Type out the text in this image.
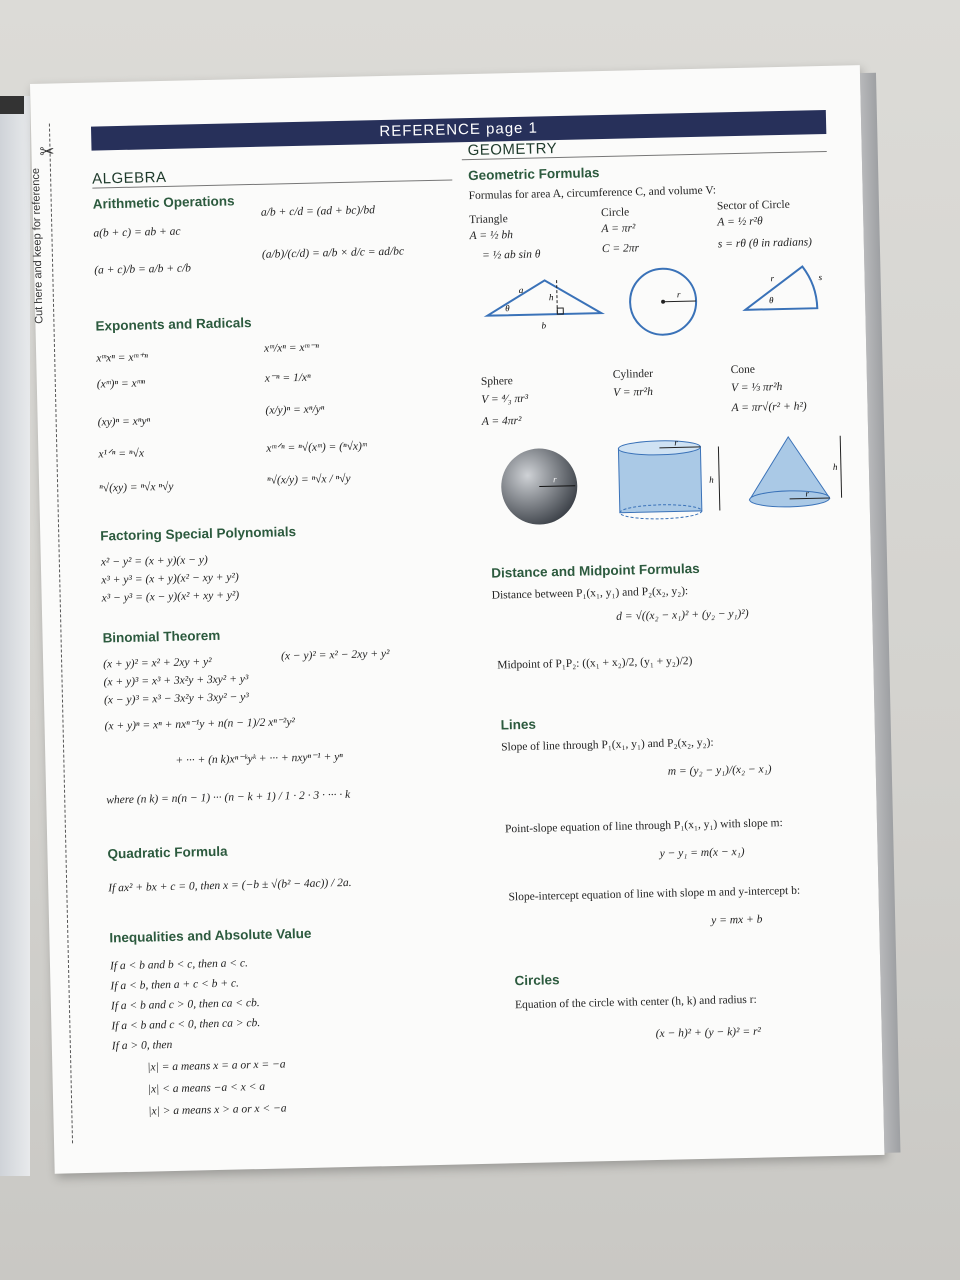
✂
Cut here and keep for reference
REFERENCE page 1
ALGEBRA
Arithmetic Operations
a(b + c) = ab + ac
(a + c)/b = a/b + c/b
a/b + c/d = (ad + bc)/bd
(a/b)/(c/d) = a/b × d/c = ad/bc
Exponents and Radicals
xᵐxⁿ = xᵐ⁺ⁿ
(xᵐ)ⁿ = xᵐⁿ
(xy)ⁿ = xⁿyⁿ
x¹ᐟⁿ = ⁿ√x
ⁿ√(xy) = ⁿ√x ⁿ√y
xᵐ/xⁿ = xᵐ⁻ⁿ
x⁻ⁿ = 1/xⁿ
(x/y)ⁿ = xⁿ/yⁿ
xᵐᐟⁿ = ⁿ√(xᵐ) = (ⁿ√x)ᵐ
ⁿ√(x/y) = ⁿ√x / ⁿ√y
Factoring Special Polynomials
x² − y² = (x + y)(x − y)
x³ + y³ = (x + y)(x² − xy + y²)
x³ − y³ = (x − y)(x² + xy + y²)
Binomial Theorem
(x + y)² = x² + 2xy + y²
(x − y)² = x² − 2xy + y²
(x + y)³ = x³ + 3x²y + 3xy² + y³
(x − y)³ = x³ − 3x²y + 3xy² − y³
(x + y)ⁿ = xⁿ + nxⁿ⁻¹y + n(n − 1)/2 xⁿ⁻²y²
+ ··· + (n k)xⁿ⁻ᵏyᵏ + ··· + nxyⁿ⁻¹ + yⁿ
where (n k) = n(n − 1) ··· (n − k + 1) / 1 · 2 · 3 · ··· · k
Quadratic Formula
If ax² + bx + c = 0, then x = (−b ± √(b² − 4ac)) / 2a.
Inequalities and Absolute Value
If a < b and b < c, then a < c.
If a < b, then a + c < b + c.
If a < b and c > 0, then ca < cb.
If a < b and c < 0, then ca > cb.
If a > 0, then
|x| = a means x = a or x = −a
|x| < a means −a < x < a
|x| > a means x > a or x < −a
GEOMETRY
Geometric Formulas
Formulas for area A, circumference C, and volume V:
Triangle
A = ½ bh
= ½ ab sin θ
Circle
A = πr²
C = 2πr
Sector of Circle
A = ½ r²θ
s = rθ (θ in radians)
a
θ
h
b
r
θ
r	s
Sphere
V = ⁴⁄₃ πr³
A = 4πr²
Cylinder
V = πr²h
Cone
V = ⅓ πr²h
A = πr√(r² + h²)
r
r
h
r
h
Distance and Midpoint Formulas
Distance between P₁(x₁, y₁) and P₂(x₂, y₂):
d = √((x₂ − x₁)² + (y₂ − y₁)²)
Midpoint of P₁P₂: ((x₁ + x₂)/2, (y₁ + y₂)/2)
Lines
Slope of line through P₁(x₁, y₁) and P₂(x₂, y₂):
m = (y₂ − y₁)/(x₂ − x₁)
Point-slope equation of line through P₁(x₁, y₁) with slope m:
y − y₁ = m(x − x₁)
Slope-intercept equation of line with slope m and y-intercept b:
y = mx + b
Circles
Equation of the circle with center (h, k) and radius r:
(x − h)² + (y − k)² = r²
